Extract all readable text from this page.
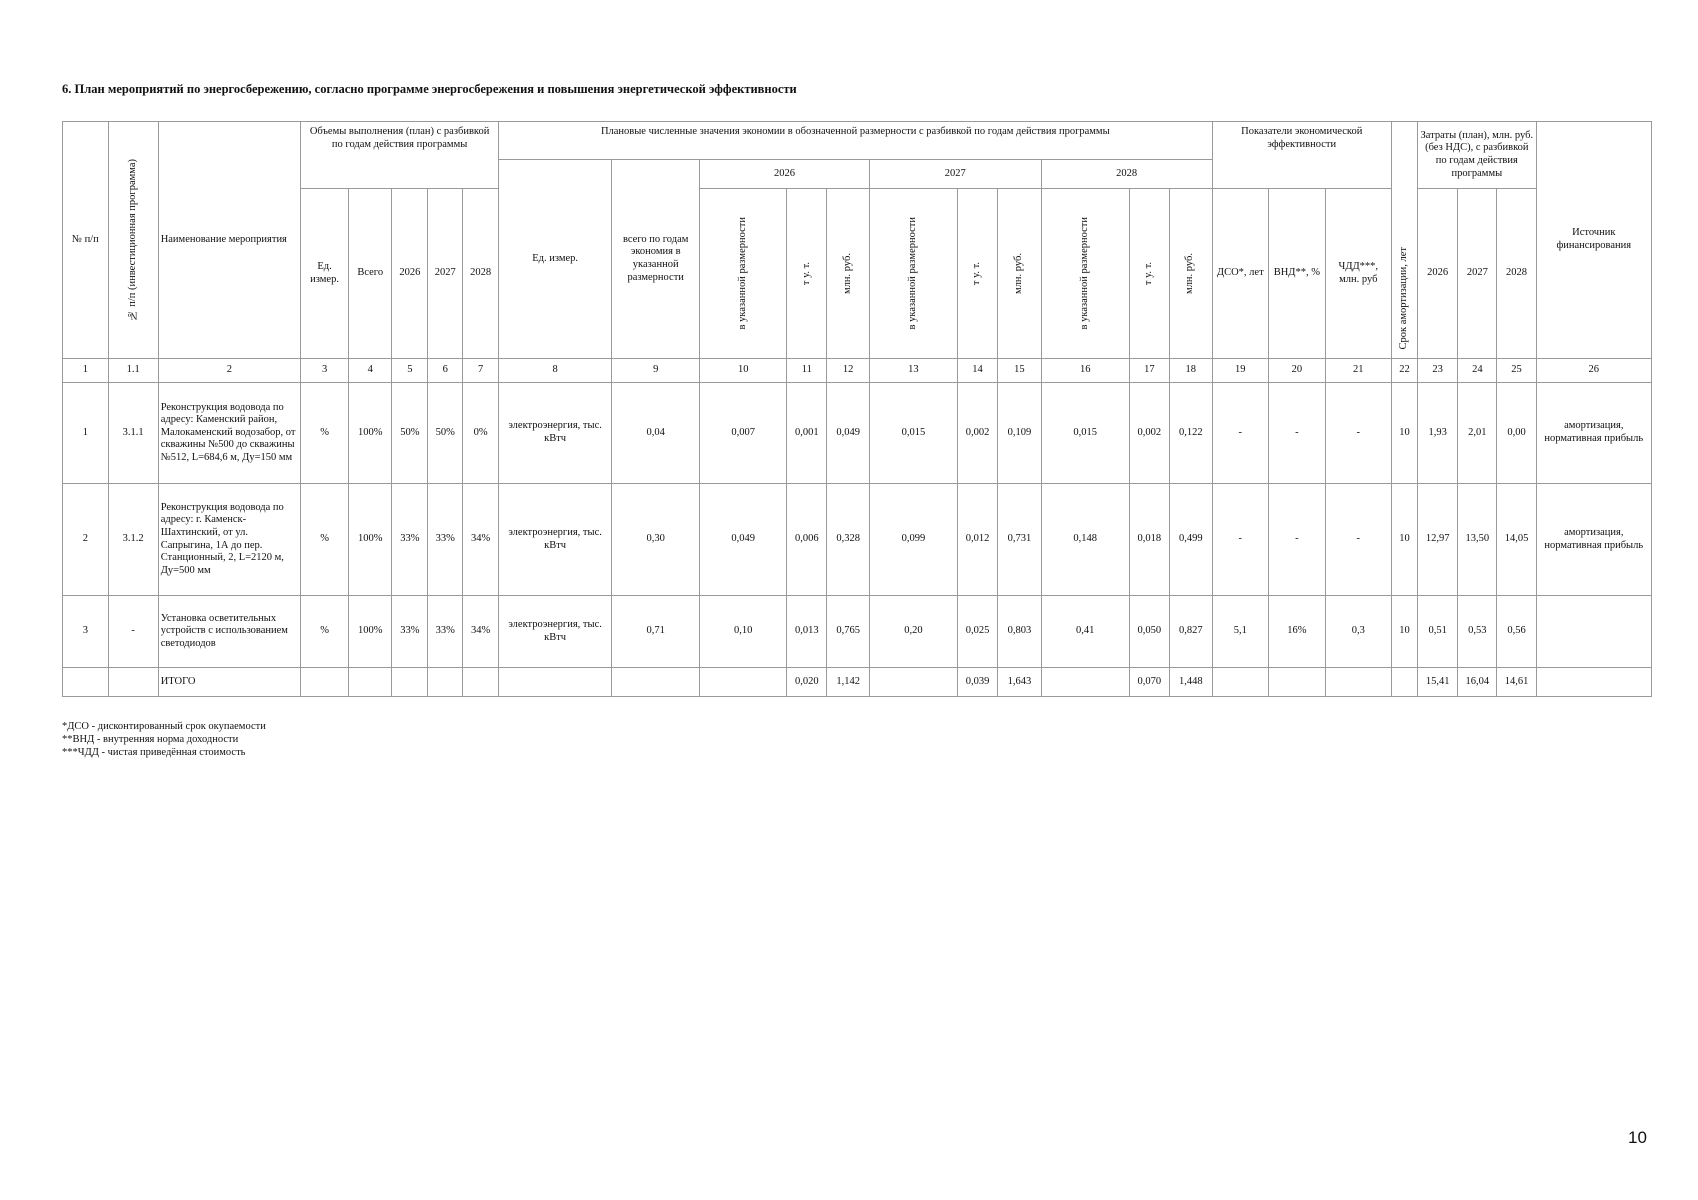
6. План мероприятий по энергосбережению, согласно программе энергосбережения и повышения энергетической эффективности
№ п/п	№ п/п (инвестиционная программа)	Наименование мероприятия	Объемы выполнения (план) с разбивкой по годам действия программы					Плановые численные значения экономии в обозначенной размерности с разбивкой по годам действия программы											Показатели экономической эффективности			Срок амортизации, лет	Затраты (план), млн. руб. (без НДС), с разбивкой по годам действия программы			Источник финансирования
								Ед. измер.	всего по годам экономия в указанной размерности	2026			2027			2028										
			Ед. измер.	Всего	2026	2027	2028			в указанной размерности	т у. т.	млн. руб.	в указанной размерности	т у. т.	млн. руб.	в указанной размерности	т у. т.	млн. руб.	ДСО*, лет	ВНД**, %	ЧДД***, млн. руб		2026	2027	2028	
1	1.1	2	3	4	5	6	7	8	9	10	11	12	13	14	15	16	17	18	19	20	21	22	23	24	25	26
1	3.1.1	Реконструкция водовода по адресу: Каменский район, Малокаменский водозабор, от скважины №500 до скважины №512, L=684,6 м, Ду=150 мм	%	100%	50%	50%	0%	электроэнергия, тыс. кВтч	0,04	0,007	0,001	0,049	0,015	0,002	0,109	0,015	0,002	0,122	-	-	-	10	1,93	2,01	0,00	амортизация, нормативная прибыль
2	3.1.2	Реконструкция водовода по адресу: г. Каменск-Шахтинский, от ул. Сапрыгина, 1А до пер. Станционный, 2, L=2120 м, Ду=500 мм	%	100%	33%	33%	34%	электроэнергия, тыс. кВтч	0,30	0,049	0,006	0,328	0,099	0,012	0,731	0,148	0,018	0,499	-	-	-	10	12,97	13,50	14,05	амортизация, нормативная прибыль
3	-	Установка осветительных устройств с использованием светодиодов	%	100%	33%	33%	34%	электроэнергия, тыс. кВтч	0,71	0,10	0,013	0,765	0,20	0,025	0,803	0,41	0,050	0,827	5,1	16%	0,3	10	0,51	0,53	0,56	
		ИТОГО									0,020	1,142		0,039	1,643		0,070	1,448					15,41	16,04	14,61	
*ДСО - дисконтированный срок окупаемости
**ВНД - внутренняя норма доходности
***ЧДД - чистая приведённая стоимость
10
